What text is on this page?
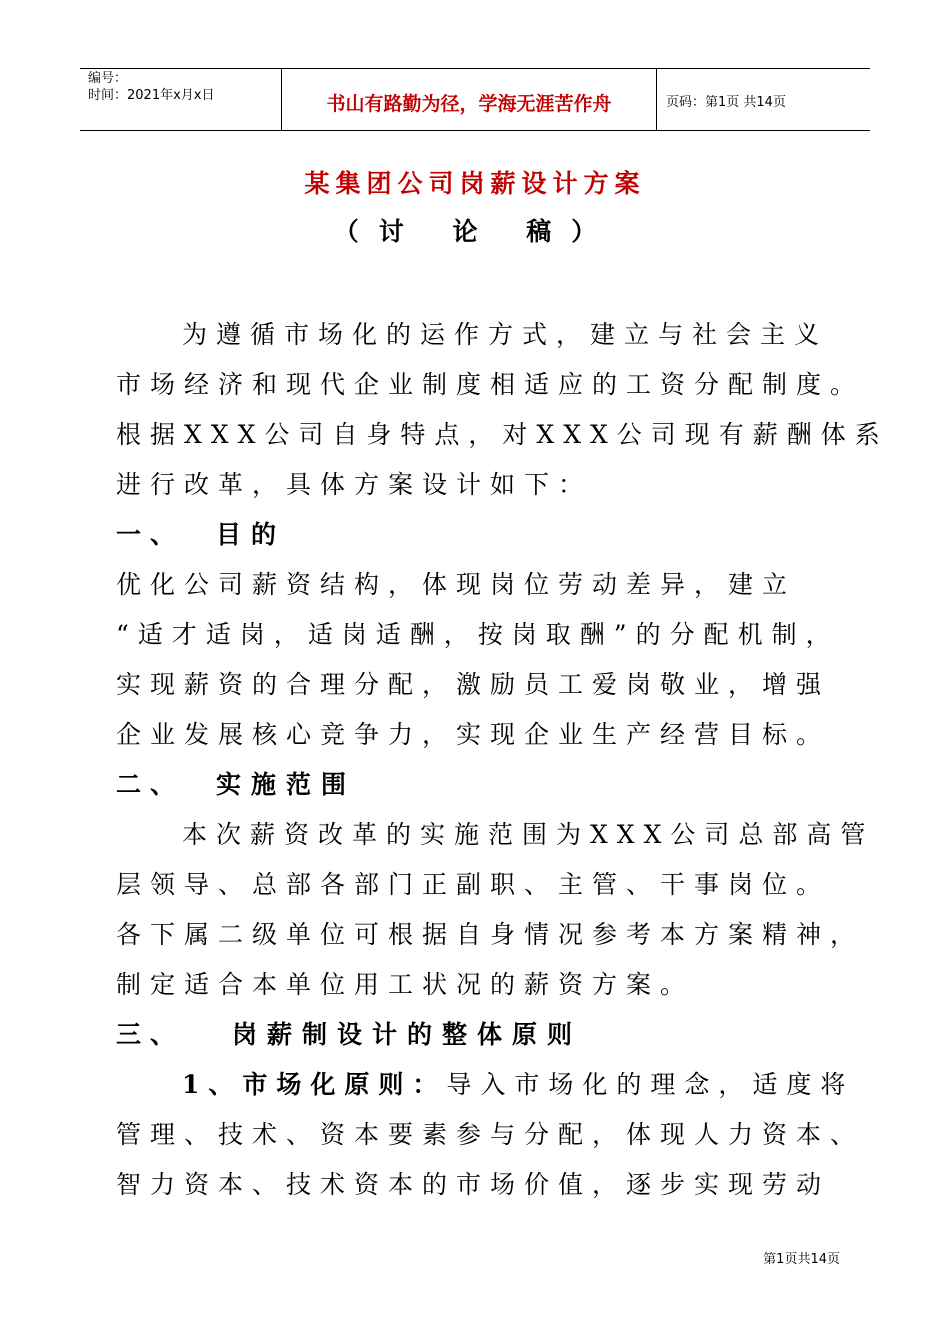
编号：
时间：2021年x月x日	书山有路勤为径，学海无涯苦作舟	页码：第1页 共14页
某集团公司岗薪设计方案
（讨 论 稿）
为遵循市场化的运作方式，建立与社会主义
市场经济和现代企业制度相适应的工资分配制度。
根据XXX公司自身特点，对XXX公司现有薪酬体系
进行改革，具体方案设计如下：
一、 目的
优化公司薪资结构，体现岗位劳动差异，建立
“适才适岗，适岗适酬，按岗取酬”的分配机制，
实现薪资的合理分配，激励员工爱岗敬业，增强
企业发展核心竞争力，实现企业生产经营目标。
二、 实施范围
本次薪资改革的实施范围为XXX公司总部高管
层领导、总部各部门正副职、主管、干事岗位。
各下属二级单位可根据自身情况参考本方案精神，
制定适合本单位用工状况的薪资方案。
三、 岗薪制设计的整体原则
1、市场化原则：导入市场化的理念，适度将
管理、技术、资本要素参与分配，体现人力资本、
智力资本、技术资本的市场价值，逐步实现劳动
第1页共14页
